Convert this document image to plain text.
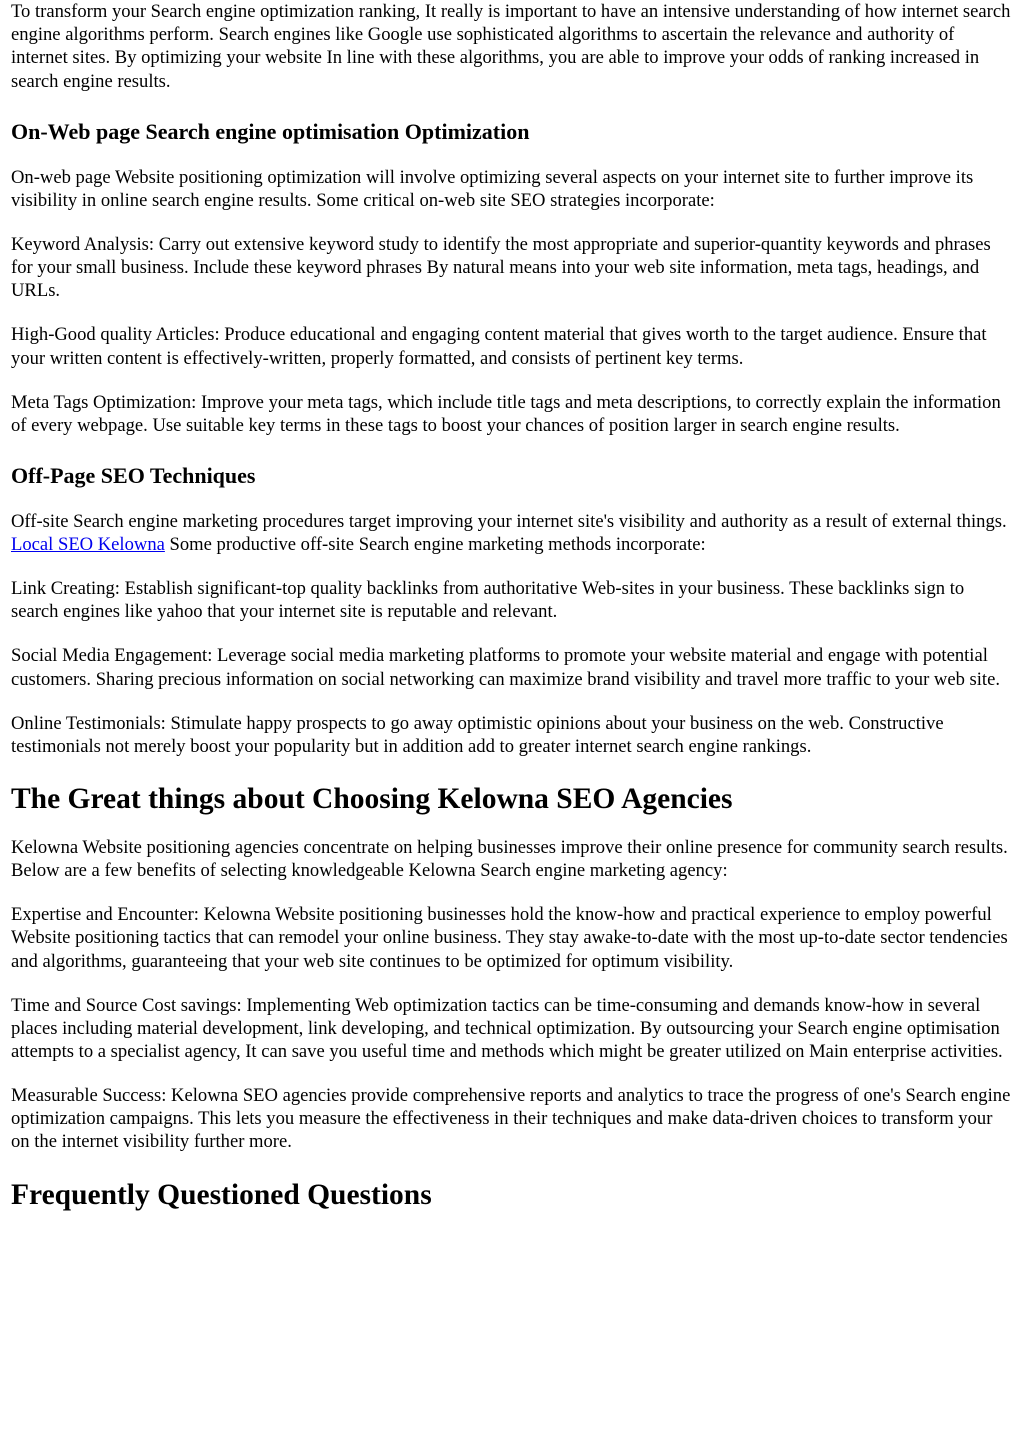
To transform your Search engine optimization ranking, It really is important to have an intensive understanding of how internet search engine algorithms perform. Search engines like Google use sophisticated algorithms to ascertain the relevance and authority of internet sites. By optimizing your website In line with these algorithms, you are able to improve your odds of ranking increased in search engine results.

On-Web page Search engine optimisation Optimization

On-web page Website positioning optimization will involve optimizing several aspects on your internet site to further improve its visibility in online search engine results. Some critical on-web site SEO strategies incorporate:

Keyword Analysis: Carry out extensive keyword study to identify the most appropriate and superior-quantity keywords and phrases for your small business. Include these keyword phrases By natural means into your web site information, meta tags, headings, and URLs.

High-Good quality Articles: Produce educational and engaging content material that gives worth to the target audience. Ensure that your written content is effectively-written, properly formatted, and consists of pertinent key terms.

Meta Tags Optimization: Improve your meta tags, which include title tags and meta descriptions, to correctly explain the information of every webpage. Use suitable key terms in these tags to boost your chances of position larger in search engine results.

Off-Page SEO Techniques

Off-site Search engine marketing procedures target improving your internet site's visibility and authority as a result of external things. Local SEO Kelowna Some productive off-site Search engine marketing methods incorporate:

Link Creating: Establish significant-top quality backlinks from authoritative Web-sites in your business. These backlinks sign to search engines like yahoo that your internet site is reputable and relevant.

Social Media Engagement: Leverage social media marketing platforms to promote your website material and engage with potential customers. Sharing precious information on social networking can maximize brand visibility and travel more traffic to your web site.

Online Testimonials: Stimulate happy prospects to go away optimistic opinions about your business on the web. Constructive testimonials not merely boost your popularity but in addition add to greater internet search engine rankings.

The Great things about Choosing Kelowna SEO Agencies

Kelowna Website positioning agencies concentrate on helping businesses improve their online presence for community search results. Below are a few benefits of selecting knowledgeable Kelowna Search engine marketing agency:

Expertise and Encounter: Kelowna Website positioning businesses hold the know-how and practical experience to employ powerful Website positioning tactics that can remodel your online business. They stay awake-to-date with the most up-to-date sector tendencies and algorithms, guaranteeing that your web site continues to be optimized for optimum visibility.

Time and Source Cost savings: Implementing Web optimization tactics can be time-consuming and demands know-how in several places including material development, link developing, and technical optimization. By outsourcing your Search engine optimisation attempts to a specialist agency, It can save you useful time and methods which might be greater utilized on Main enterprise activities.

Measurable Success: Kelowna SEO agencies provide comprehensive reports and analytics to trace the progress of one's Search engine optimization campaigns. This lets you measure the effectiveness in their techniques and make data-driven choices to transform your on the internet visibility further more.

Frequently Questioned Questions
